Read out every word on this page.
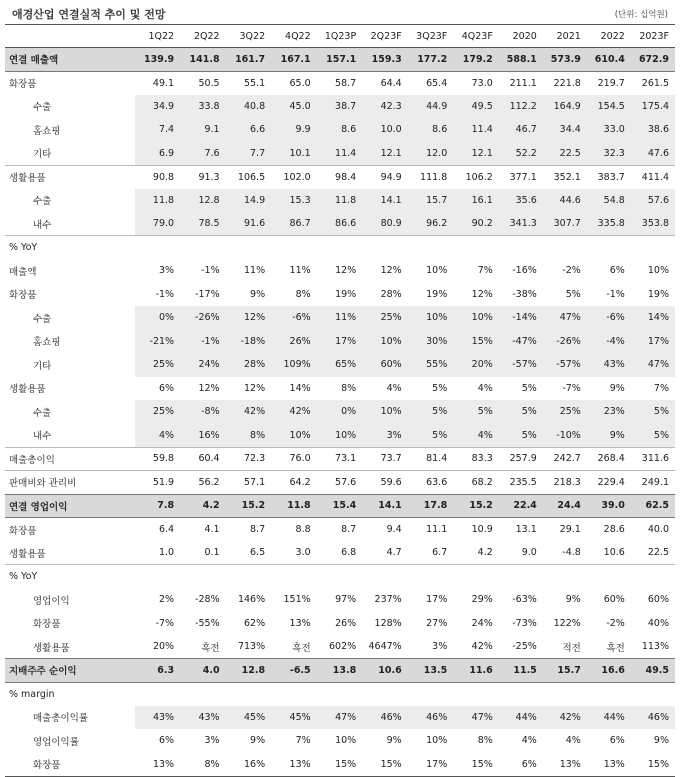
애경산업 연결실적 추이 및 전망	(단위: 십억원)
	1Q22	2Q22	3Q22	4Q22	1Q23P	2Q23F	3Q23F	4Q23F	2020	2021	2022	2023F
연결 매출액	139.9	141.8	161.7	167.1	157.1	159.3	177.2	179.2	588.1	573.9	610.4	672.9
화장품	49.1	50.5	55.1	65.0	58.7	64.4	65.4	73.0	211.1	221.8	219.7	261.5
수출	34.9	33.8	40.8	45.0	38.7	42.3	44.9	49.5	112.2	164.9	154.5	175.4
홈쇼핑	7.4	9.1	6.6	9.9	8.6	10.0	8.6	11.4	46.7	34.4	33.0	38.6
기타	6.9	7.6	7.7	10.1	11.4	12.1	12.0	12.1	52.2	22.5	32.3	47.6
생활용품	90.8	91.3	106.5	102.0	98.4	94.9	111.8	106.2	377.1	352.1	383.7	411.4
수출	11.8	12.8	14.9	15.3	11.8	14.1	15.7	16.1	35.6	44.6	54.8	57.6
내수	79.0	78.5	91.6	86.7	86.6	80.9	96.2	90.2	341.3	307.7	335.8	353.8
% YoY												
매출액	3%	-1%	11%	11%	12%	12%	10%	7%	-16%	-2%	6%	10%
화장품	-1%	-17%	9%	8%	19%	28%	19%	12%	-38%	5%	-1%	19%
수출	0%	-26%	12%	-6%	11%	25%	10%	10%	-14%	47%	-6%	14%
홈쇼핑	-21%	-1%	-18%	26%	17%	10%	30%	15%	-47%	-26%	-4%	17%
기타	25%	24%	28%	109%	65%	60%	55%	20%	-57%	-57%	43%	47%
생활용품	6%	12%	12%	14%	8%	4%	5%	4%	5%	-7%	9%	7%
수출	25%	-8%	42%	42%	0%	10%	5%	5%	5%	25%	23%	5%
내수	4%	16%	8%	10%	10%	3%	5%	4%	5%	-10%	9%	5%
매출총이익	59.8	60.4	72.3	76.0	73.1	73.7	81.4	83.3	257.9	242.7	268.4	311.6
판매비와 관리비	51.9	56.2	57.1	64.2	57.6	59.6	63.6	68.2	235.5	218.3	229.4	249.1
연결 영업이익	7.8	4.2	15.2	11.8	15.4	14.1	17.8	15.2	22.4	24.4	39.0	62.5
화장품	6.4	4.1	8.7	8.8	8.7	9.4	11.1	10.9	13.1	29.1	28.6	40.0
생활용품	1.0	0.1	6.5	3.0	6.8	4.7	6.7	4.2	9.0	-4.8	10.6	22.5
% YoY												
영업이익	2%	-28%	146%	151%	97%	237%	17%	29%	-63%	9%	60%	60%
화장품	-7%	-55%	62%	13%	26%	128%	27%	24%	-73%	122%	-2%	40%
생활용품	20%	흑전	713%	흑전	602%	4647%	3%	42%	-25%	적전	흑전	113%
지배주주 순이익	6.3	4.0	12.8	-6.5	13.8	10.6	13.5	11.6	11.5	15.7	16.6	49.5
% margin												
매출총이익률	43%	43%	45%	45%	47%	46%	46%	47%	44%	42%	44%	46%
영업이익률	6%	3%	9%	7%	10%	9%	10%	8%	4%	4%	6%	9%
화장품	13%	8%	16%	13%	15%	15%	17%	15%	6%	13%	13%	15%
